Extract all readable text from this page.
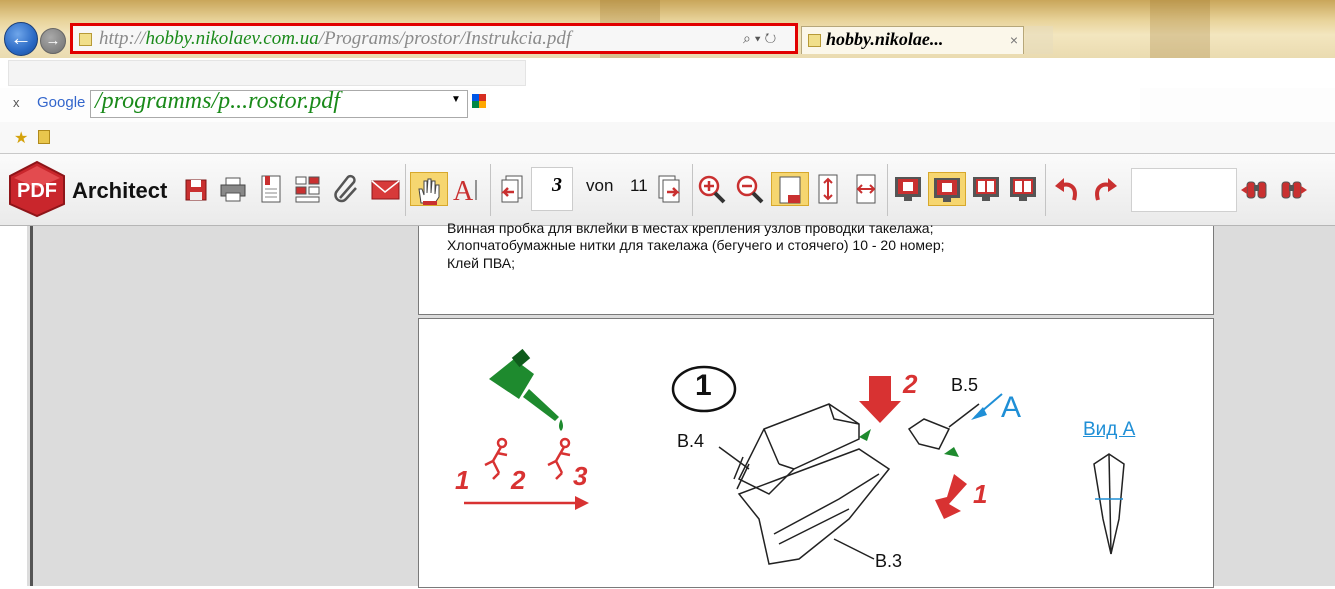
← → http://hobby.nikolaev.com.ua/Programs/prostor/Instrukcia.pdf	⌕ ▾ ↻	hobby.nikolae...	×
x Google /programms/p...rostor.pdf	▼
★
PDF Architect	A	3 von 11
Винная пробка для вклейки в местах крепления узлов проводки такелажа;
Хлопчатобумажные нитки для такелажа (бегучего и стоячего) 10 - 20 номер;
Клей ПВА;
1	2
1
B.5
A
B.4
B.3
Вид А
1 2 3
